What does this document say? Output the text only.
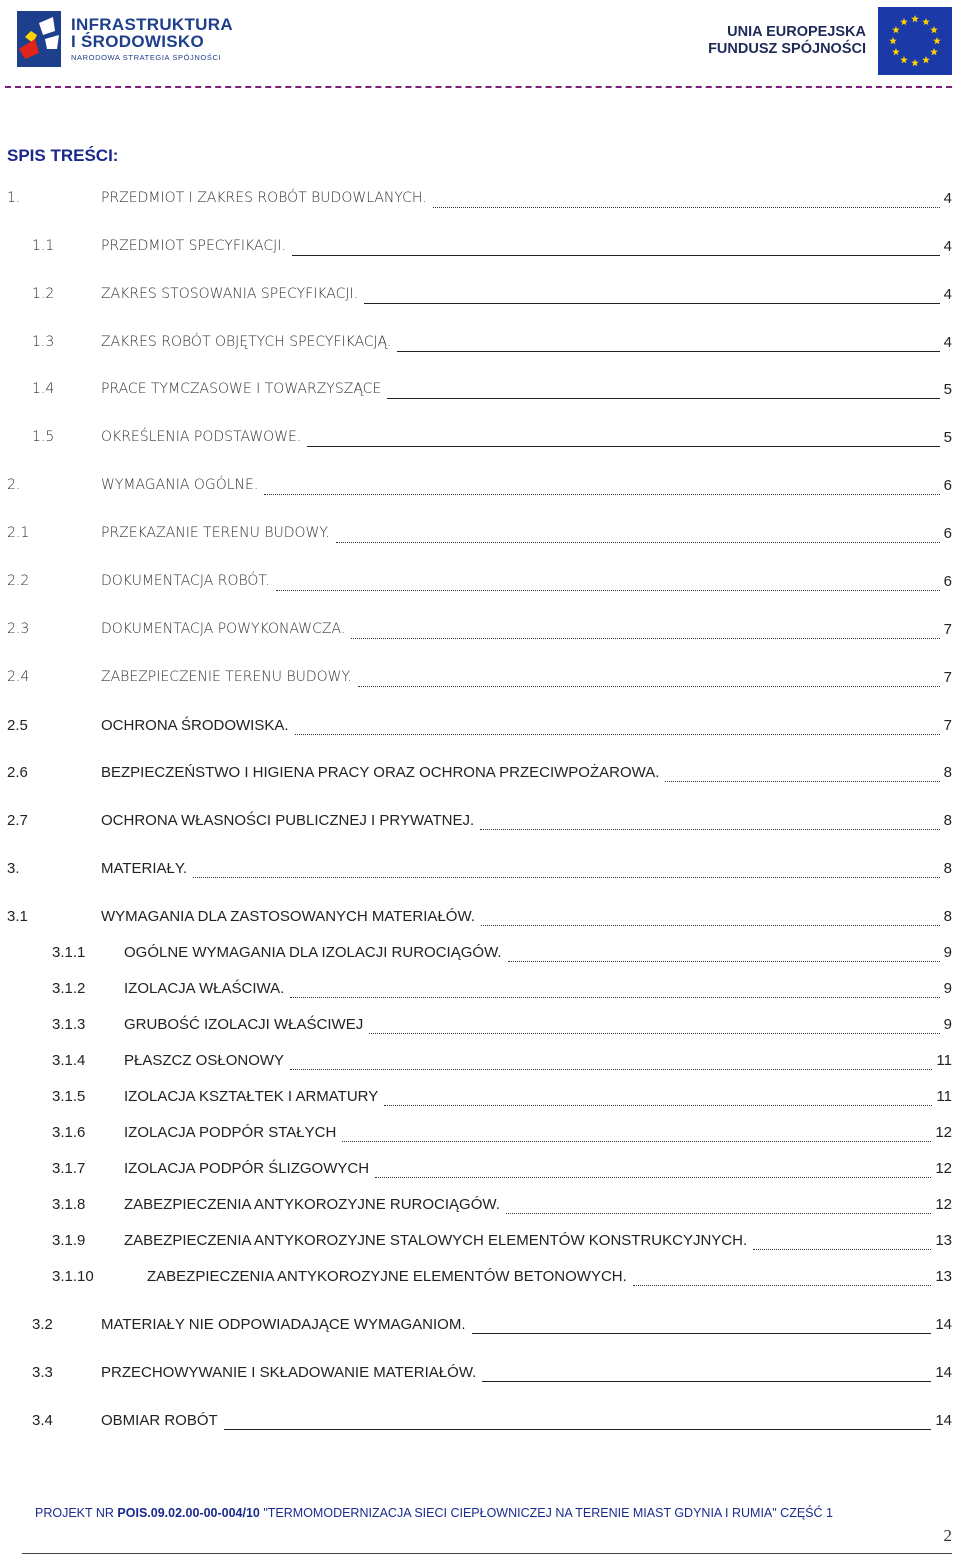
INFRASTRUKTURA
I ŚRODOWISKO
NARODOWA STRATEGIA SPÓJNOŚCI
UNIA EUROPEJSKA
FUNDUSZ SPÓJNOŚCI
SPIS TREŚCI:
1.	PRZEDMIOT I ZAKRES ROBÓT BUDOWLANYCH.	4
1.1	PRZEDMIOT SPECYFIKACJI.	4
1.2	ZAKRES STOSOWANIA SPECYFIKACJI.	4
1.3	ZAKRES ROBÓT OBJĘTYCH SPECYFIKACJĄ.	4
1.4	PRACE TYMCZASOWE I TOWARZYSZĄCE	5
1.5	OKREŚLENIA PODSTAWOWE.	5
2.	WYMAGANIA OGÓLNE.	6
2.1	PRZEKAZANIE TERENU BUDOWY.	6
2.2	DOKUMENTACJA ROBÓT.	6
2.3	DOKUMENTACJA POWYKONAWCZA.	7
2.4	ZABEZPIECZENIE TERENU BUDOWY.	7
2.5	OCHRONA ŚRODOWISKA.	7
2.6	BEZPIECZEŃSTWO I HIGIENA PRACY ORAZ OCHRONA PRZECIWPOŻAROWA.	8
2.7	OCHRONA WŁASNOŚCI PUBLICZNEJ I PRYWATNEJ.	8
3.	MATERIAŁY.	8
3.1	WYMAGANIA DLA ZASTOSOWANYCH MATERIAŁÓW.	8
3.1.1	OGÓLNE WYMAGANIA DLA IZOLACJI RUROCIĄGÓW.	9
3.1.2	IZOLACJA WŁAŚCIWA.	9
3.1.3	GRUBOŚĆ IZOLACJI WŁAŚCIWEJ	9
3.1.4	PŁASZCZ OSŁONOWY	11
3.1.5	IZOLACJA KSZTAŁTEK I ARMATURY	11
3.1.6	IZOLACJA PODPÓR STAŁYCH	12
3.1.7	IZOLACJA PODPÓR ŚLIZGOWYCH	12
3.1.8	ZABEZPIECZENIA ANTYKOROZYJNE RUROCIĄGÓW.	12
3.1.9	ZABEZPIECZENIA ANTYKOROZYJNE STALOWYCH ELEMENTÓW KONSTRUKCYJNYCH.	13
3.1.10	ZABEZPIECZENIA ANTYKOROZYJNE ELEMENTÓW BETONOWYCH.	13
3.2	MATERIAŁY NIE ODPOWIADAJĄCE WYMAGANIOM.	14
3.3	PRZECHOWYWANIE I SKŁADOWANIE MATERIAŁÓW.	14
3.4	OBMIAR ROBÓT	14
PROJEKT NR POIS.09.02.00-00-004/10 "TERMOMODERNIZACJA SIECI CIEPŁOWNICZEJ NA TERENIE MIAST GDYNIA I RUMIA" CZĘŚĆ 1
2
